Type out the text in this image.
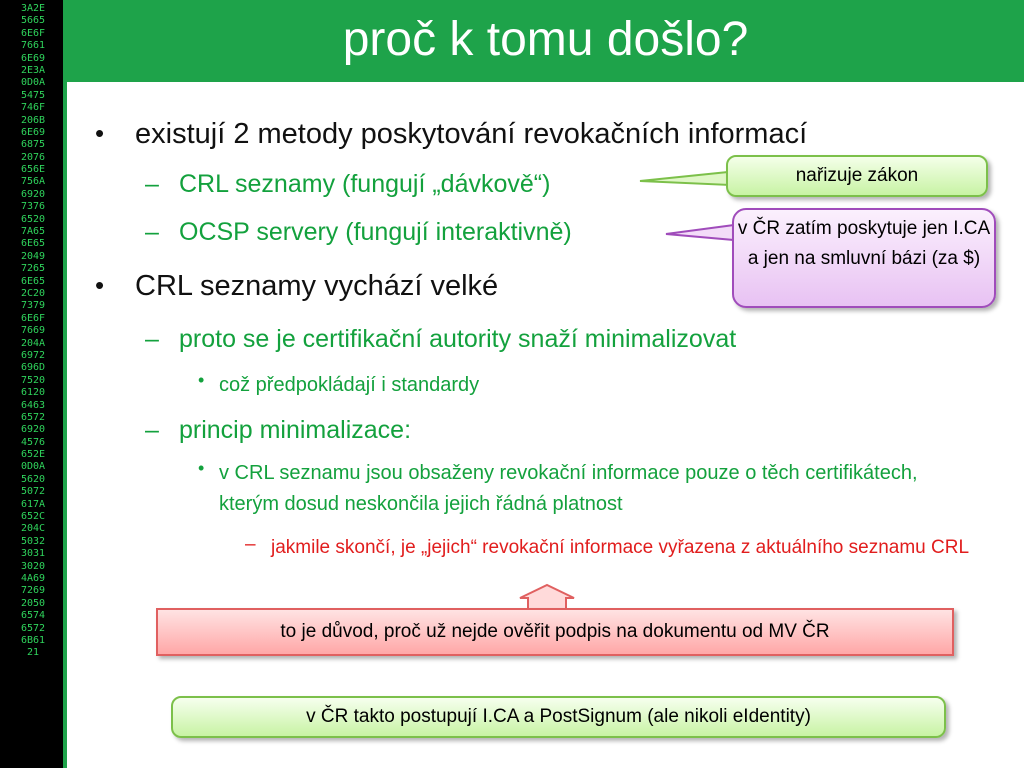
3A2E
5665
6E6F
7661
6E69
2E3A
0D0A
5475
746F
206B
6E69
6875
2076
656E
756A
6920
7376
6520
7A65
6E65
2049
7265
6E65
2C20
7379
6E6F
7669
204A
6972
696D
7520
6120
6463
6572
6920
4576
652E
0D0A
5620
5072
617A
652C
204C
5032
3031
3020
4A69
7269
2050
6574
6572
6B61
21
proč k tomu došlo?
• existují 2 metody poskytování revokačních informací
– CRL seznamy (fungují „dávkově“)
– OCSP servery (fungují interaktivně)
• CRL seznamy vychází velké
– proto se je certifikační autority snaží minimalizovat
• což předpokládají i standardy
– princip minimalizace:
• v CRL seznamu jsou obsaženy revokační informace pouze o těch certifikátech, kterým dosud neskončila jejich řádná platnost
– jakmile skončí, je „jejich“ revokační informace vyřazena z aktuálního seznamu CRL
nařizuje zákon
v ČR zatím poskytuje jen I.CA a jen na smluvní bázi (za $)
to je důvod, proč už nejde ověřit podpis na dokumentu od MV ČR
v ČR takto postupují I.CA a PostSignum (ale nikoli eIdentity)
